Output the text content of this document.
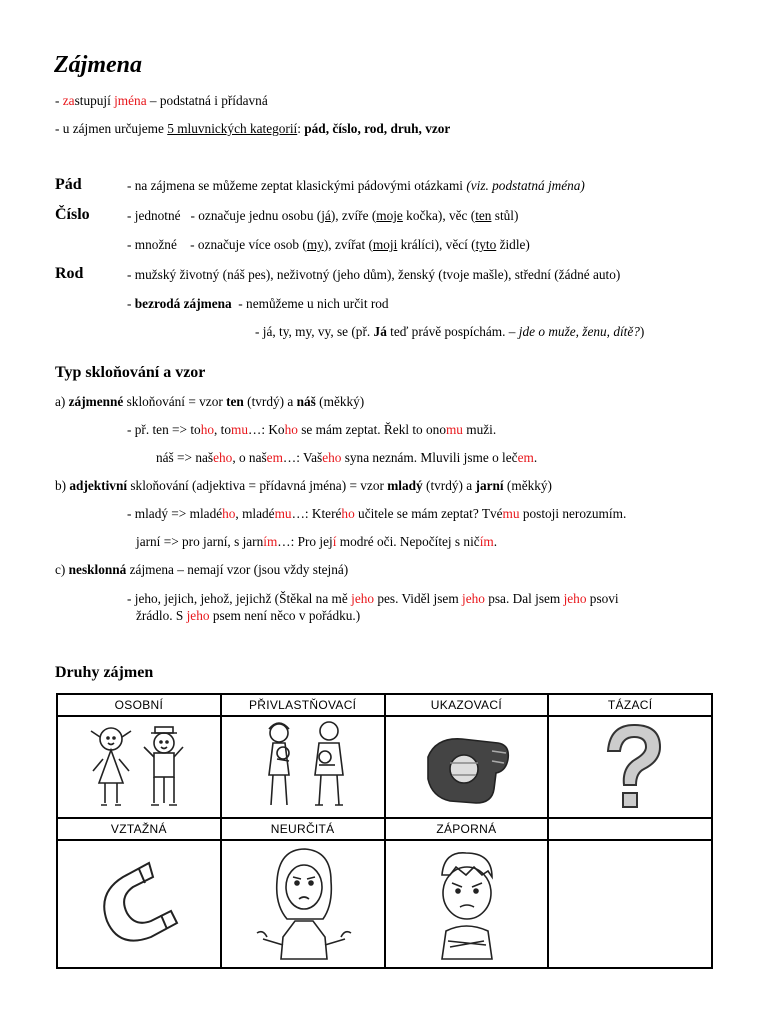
Zájmena
- zastupují jména – podstatná i přídavná
- u zájmen určujeme 5 mluvnických kategorií: pád, číslo, rod, druh, vzor
Pád	- na zájmena se můžeme zeptat klasickými pádovými otázkami (viz. podstatná jména)
Číslo	- jednotné   - označuje jednu osobu (já), zvíře (moje kočka), věc (ten stůl)
- množné    - označuje více osob (my), zvířat (moji králíci), věcí (tyto židle)
Rod	- mužský životný (náš pes), neživotný (jeho dům), ženský (tvoje mašle), střední (žádné auto)
- bezrodá zájmena  - nemůžeme u nich určit rod
- já, ty, my, vy, se (př. Já teď právě pospíchám. – jde o muže, ženu, dítě?)
Typ skloňování a vzor
a) zájmenné skloňování = vzor ten (tvrdý) a náš (měkký)
- př. ten => toho, tomu…: Koho se mám zeptat. Řekl to onomu muži.
náš => našeho, o našem…: Vašeho syna neznám. Mluvili jsme o lečem.
b) adjektivní skloňování (adjektiva = přídavná jména) = vzor mladý (tvrdý) a jarní (měkký)
- mladý => mladého, mladému…: Kterého učitele se mám zeptat? Tvému postoji nerozumím.
jarní => pro jarní, s jarním…: Pro její modré oči. Nepočítej s ničím.
c) nesklonná zájmena – nemají vzor (jsou vždy stejná)
- jeho, jejich, jehož, jejichž (Štěkal na mě jeho pes. Viděl jsem jeho psa. Dal jsem jeho psovi
žrádlo. S jeho psem není něco v pořádku.)
Druhy zájmen
OSOBNÍ	PŘIVLASTŇOVACÍ	UKAZOVACÍ	TÁZACÍ

VZTAŽNÁ	NEURČITÁ	ZÁPORNÁ	
